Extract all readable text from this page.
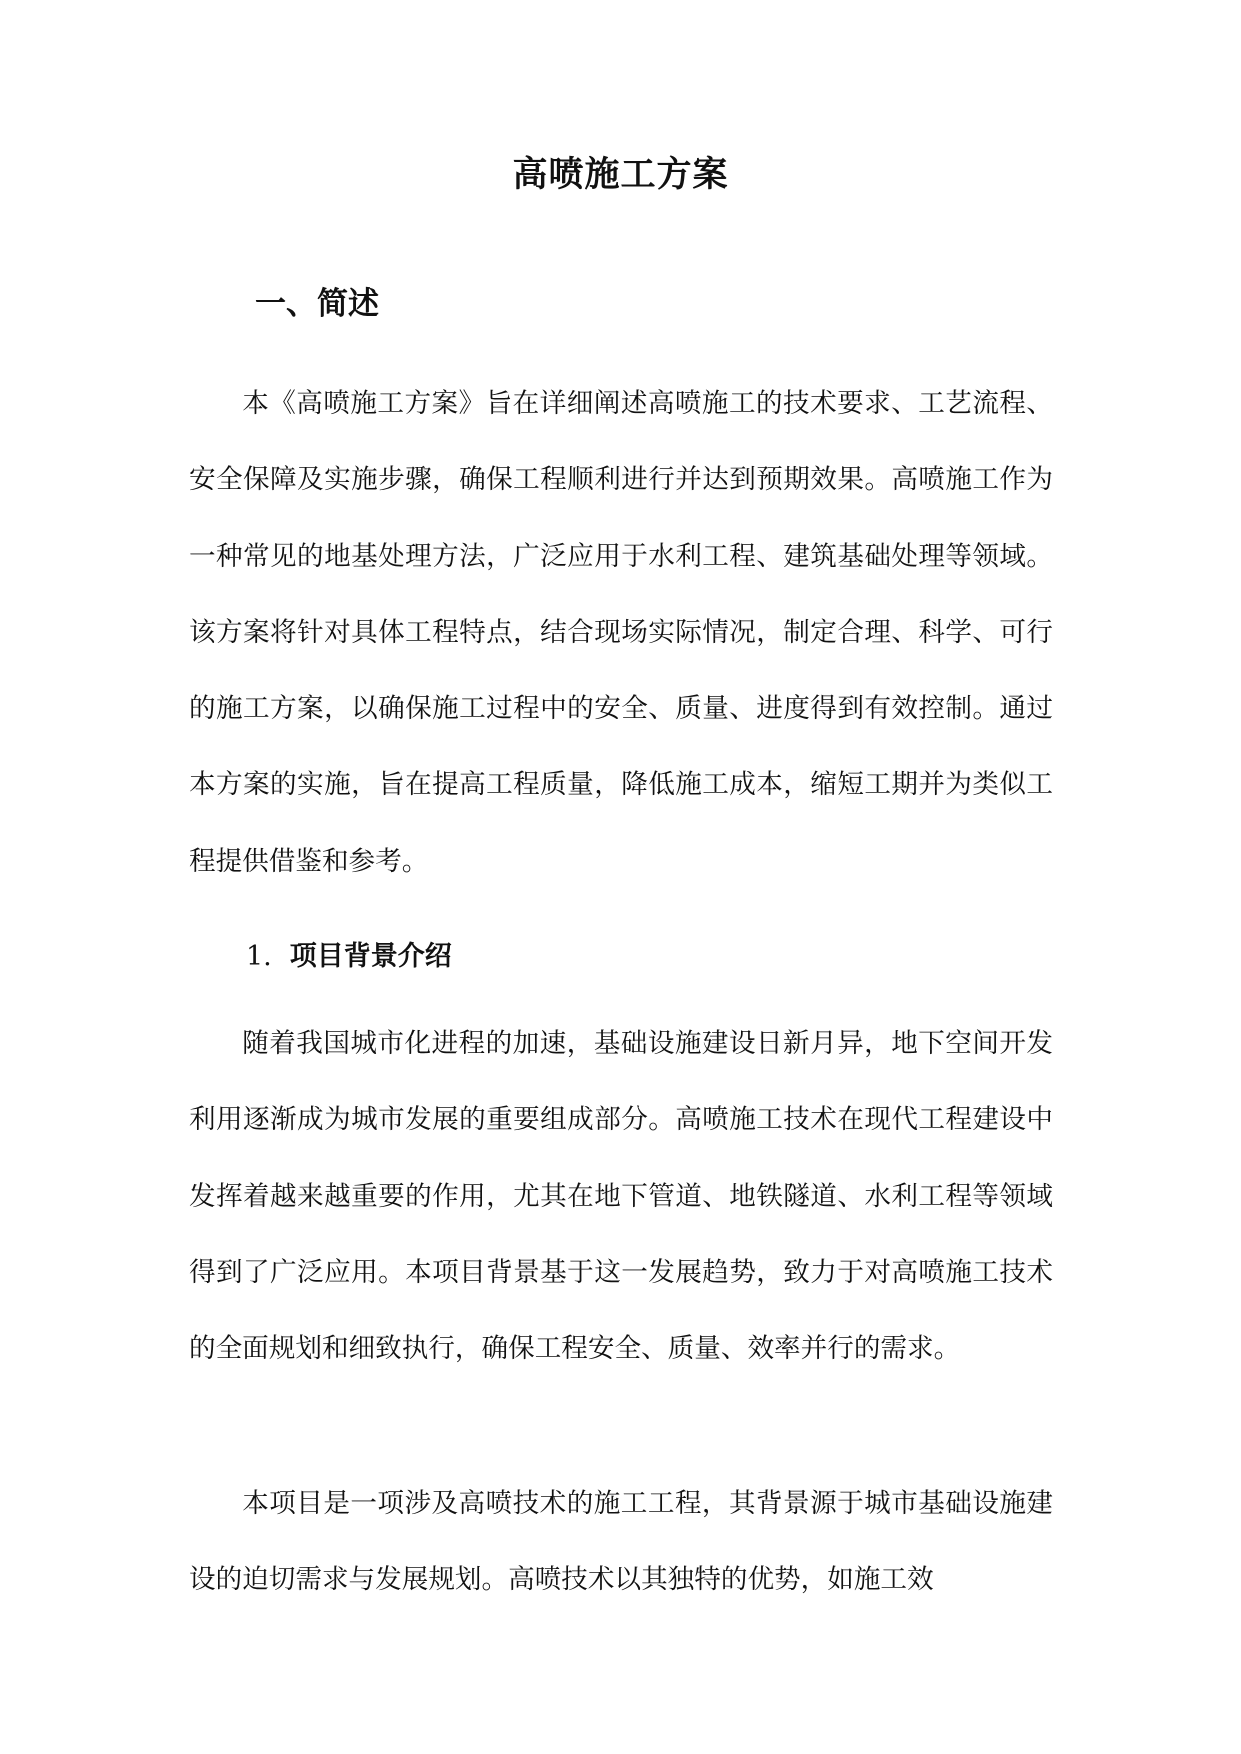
高喷施工方案
一、简述

本《高喷施工方案》旨在详细阐述高喷施工的技术要求、工艺流程、安全保障及实施步骤，确保工程顺利进行并达到预期效果。高喷施工作为一种常见的地基处理方法，广泛应用于水利工程、建筑基础处理等领域。该方案将针对具体工程特点，结合现场实际情况，制定合理、科学、可行的施工方案，以确保施工过程中的安全、质量、进度得到有效控制。通过本方案的实施，旨在提高工程质量，降低施工成本，缩短工期并为类似工程提供借鉴和参考。

1. 项目背景介绍

随着我国城市化进程的加速，基础设施建设日新月异，地下空间开发利用逐渐成为城市发展的重要组成部分。高喷施工技术在现代工程建设中发挥着越来越重要的作用，尤其在地下管道、地铁隧道、水利工程等领域得到了广泛应用。本项目背景基于这一发展趋势，致力于对高喷施工技术的全面规划和细致执行，确保工程安全、质量、效率并行的需求。

本项目是一项涉及高喷技术的施工工程，其背景源于城市基础设施建设的迫切需求与发展规划。高喷技术以其独特的优势，如施工效
